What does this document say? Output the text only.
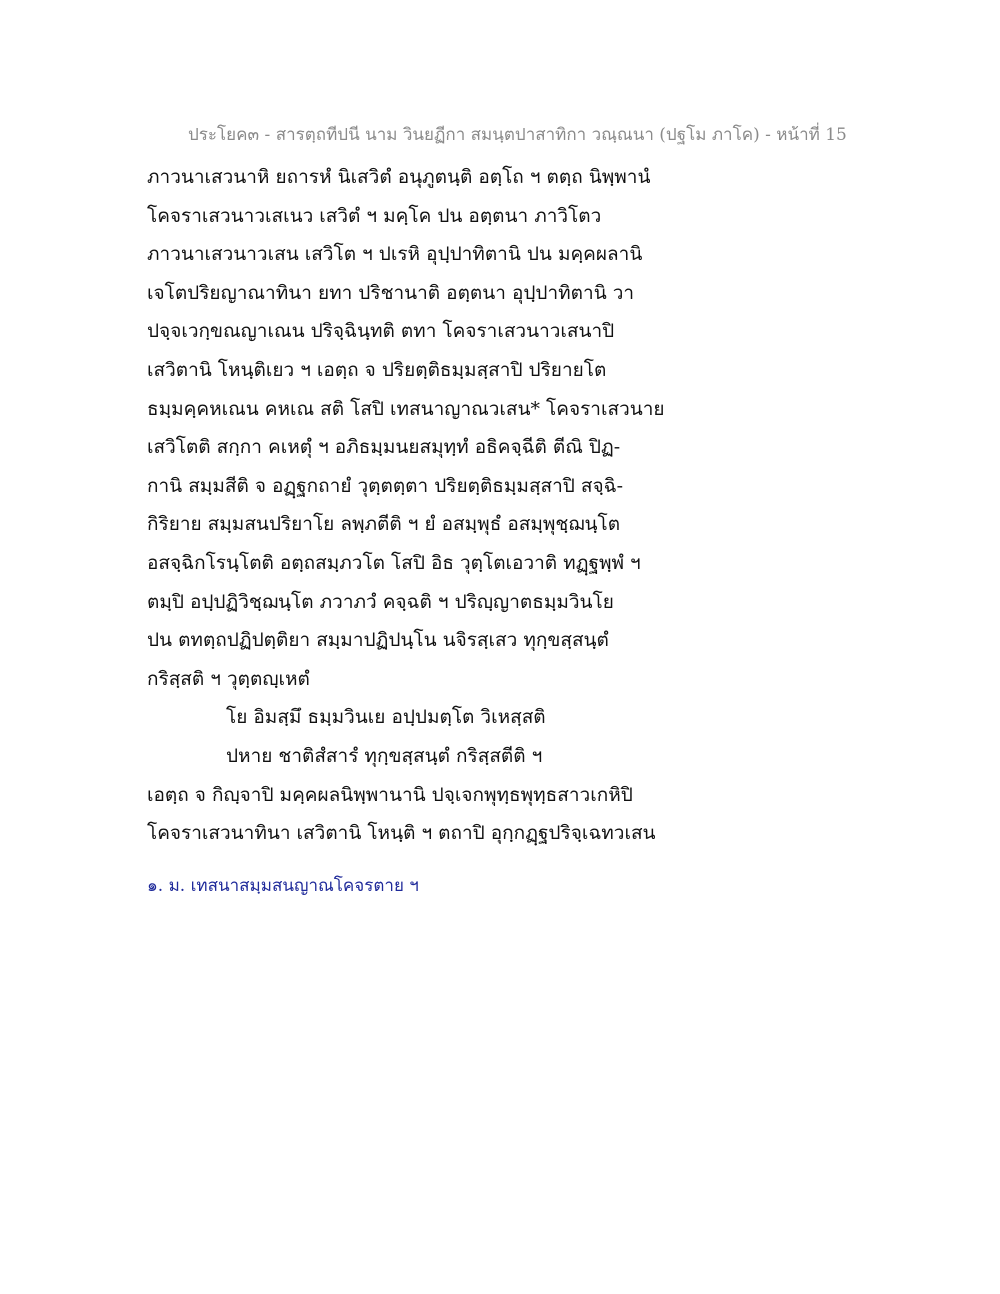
ประโยค๓ - สารตฺถทีปนี นาม วินยฏีกา สมนฺตปาสาทิกา วณฺณนา (ปฐโม ภาโค) - หน้าที่ 15
ภาวนาเสวนาหิ ยถารหํ นิเสวิตํ อนุภูตนฺติ อตฺโถ ฯ ตตฺถ นิพฺพานํ
โคจราเสวนาวเสเนว เสวิตํ ฯ มคฺโค ปน อตฺตนา ภาวิโตว
ภาวนาเสวนาวเสน เสวิโต ฯ ปเรหิ อุปฺปาทิตานิ ปน มคฺคผลานิ
เจโตปริยญาณาทินา ยทา ปริชานาติ อตฺตนา อุปฺปาทิตานิ วา
ปจฺจเวกฺขณญาเณน ปริจฺฉินฺทติ ตทา โคจราเสวนาวเสนาปิ
เสวิตานิ โหนฺติเยว ฯ เอตฺถ จ ปริยตฺติธมฺมสฺสาปิ ปริยายโต
ธมฺมคฺคหเณน คหเณ สติ โสปิ เทสนาญาณวเสน* โคจราเสวนาย
เสวิโตติ สกฺกา คเหตุํ ฯ อภิธมฺมนยสมุทฺทํ อธิคจฺฉีติ ตีณิ ปิฏ-
กานิ สมฺมสีติ จ อฏฺฐกถายํ วุตฺตตฺตา ปริยตฺติธมฺมสฺสาปิ สจฺฉิ-
กิริยาย สมฺมสนปริยาโย ลพฺภตีติ ฯ ยํ อสมฺพุธํ อสมฺพุชฺฌนฺโต
อสจฺฉิกโรนฺโตติ อตฺถสมฺภวโต โสปิ อิธ วุตฺโตเอวาติ ทฏฺฐพฺพํ ฯ
ตมฺปิ อปฺปฏิวิชฺฌนฺโต ภวาภวํ คจฺฉติ ฯ ปริญฺญาตธมฺมวินโย
ปน ตทตฺถปฏิปตฺติยา สมฺมาปฏิปนฺโน นจิรสฺเสว ทุกฺขสฺสนฺตํ
กริสฺสติ ฯ วุตฺตญฺเหตํ
โย อิมสฺมึ ธมฺมวินเย อปฺปมตฺโต วิเหสฺสติ
ปหาย ชาติสํสารํ ทุกฺขสฺสนฺตํ กริสฺสตีติ ฯ
เอตฺถ จ กิญฺจาปิ มคฺคผลนิพฺพานานิ ปจฺเจกพุทฺธพุทฺธสาวเกหิปิ
โคจราเสวนาทินา เสวิตานิ โหนฺติ ฯ ตถาปิ อุกฺกฏฺฐปริจฺเฉทวเสน
๑. ม. เทสนาสมฺมสนญาณโคจรตาย ฯ
